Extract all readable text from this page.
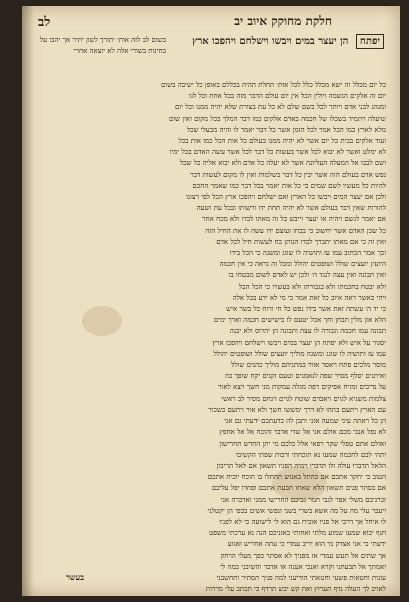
חלקת מחוקק איוב יב
לב
יפתח הן יעצר במים ויבשו וישלחם ויהפכו ארץ
בשום לב לזה אות׳ יתורך לשון יתיר אך יהבו על בחינות בשורי אלה לא יוצאה אחרי

כל יום מכלל זה ישא מכלל כלל לכל אות׳ תחלת תהיה בכללם באופן כל ישיבה בשום

יום זה אלקים הנשמה ויולין הכל אין יום עולם הדבר מזה בכל אחת וכל לנו

ומנהג לבני אדם ויותר לכל בשם שלם לא כל עת בצורת שלא יהיה ממנו וכל יום

שיעלה ויתמיד בשכלו של חכמה באדם אלקים כמו דבר המלך בכל מקום ואין שום

מלא לארץ כמו הכל אמר לכל הזמן אשר כל דבר יאמר לו והיה מבעלי שכל

ועוד אלקים בבית כל יום אשר לא יהיה ממנו בעולם כל אות הכל כמו אות בכל

לא ימלט ואשר לא יבוא לכל אשר בעשות כל דבר לכל אשר עשה האדם בכל ימיו

ושם לבבו אל המעלה העליונה אשר לא יעלה כל אדם ולא יבוא אליה כל שכל

נפש אדם בעולם הזה אשר יבין כל דבר בשלמות ואין לו מקום לעשות דבר

להיות כל מעשיו לשם שמים כי כל אות יאמר בכל דבר כמו שאמר החכם

ולכן אם יעצר המים ויבשו כל הארץ ואם ישלחם ויהפכו ארץ הכל לפי רצונו

להורות שאין דבר בעולם אשר לא יהיה תחת ידו ורשותו ובכל עת ושעה

אם יאמר לגשם ויהיה או יעצר וייבש כל זה מאתו לבדו ולא מכח אחר

כל שכן האדם אשר יחשוב כי בכחו ועוצם ידו עשה לו את החיל הזה

ואין זה כי אם מאתו יתברך לבדו הנותן כח לעשות חיל לכל אדם

וכך אמר הכתוב עמו עז ותושיה לו שוגג ומשגה כי הכל בידו

היועץ יועצים שולל ושופטים יהולל ומכל זה נראה כי אין חכמה

ואין תבונה ואין עצה לנגד ה׳ ולכן יש לאדם לשום מבטחו בו

ולא יבטח בחכמתו ולא בגבורתו ולא בעשרו כי הכל הבל

ויהי כאשר ראה איוב כל זאת אמר כי מי לא ידע בכל אלה

כי יד ה׳ עשתה זאת אשר בידו נפש כל חי ורוח כל בשר איש

הלא אזן מלין תבחן וחך אכל יטעם לו בישישים חכמה וארך ימים

תבונה עמו חכמה וגבורה לו עצה ותבונה הן יהרוס ולא יבנה

יסגור על איש ולא יפתח הן יעצר במים ויבשו וישלחם ויהפכו ארץ

עמו עז ותושיה לו שוגג ומשגה מוליך יועצים שולל ושופטים יהולל

מוסר מלכים פתח ויאסר אזור במתניהם מוליך כהנים שולל

ואיתנים יסלף מסיר שפה לנאמנים וטעם זקנים יקח שופך בוז

על נדיבים ומזיח אפיקים רפה מגלה עמקות מני חשך ויצא לאור

צלמות משגיא לגוים ויאבדם שוטח לגוים וינחם מסיר לב ראשי

עם הארץ ויתעם בתהו לא דרך ימששו חשך ולא אור ויתעם כשכור

הן כל ראתה עיני שמעה אזני ותבן לה כדעתכם ידעתי גם אני

לא נפל אנכי מכם אולם אני אל שדי אדבר והוכח אל אל אחפץ

ואולם אתם טפלי שקר רפאי אלל כלכם מי יתן החרש תחרישון

ותהי לכם לחכמה שמעו נא תוכחתי ורבות שפתי הקשיבו

הלאל תדברו עולה ולו תדברו רמיה הפניו תשאון אם לאל תריבון

הטוב כי יחקר אתכם אם כהתל באנוש תהתלו בו הוכח יוכיח אתכם

אם בסתר פנים תשאון הלא שאתו תבעת אתכם ופחדו יפל עליכם

זכרניכם משלי אפר לגבי חמר גביכם החרישו ממני ואדברה אני

ויעבר עלי מה על מה אשא בשרי בשני ונפשי אשים בכפי הן יקטלני

לו איחל אך דרכי אל פניו אוכיח גם הוא לי לישועה כי לא לפניו

חנף יבוא שמעו שמוע מלתי ואחותי באזניכם הנה נא ערכתי משפט

ידעתי כי אני אצדק מי הוא יריב עמדי כי עתה אחריש ואגוע

אך שתים אל תעש עמדי אז מפניך לא אסתר כפך מעלי הרחק

ואמתך אל תבעתני וקרא ואנכי אענה או אדבר והשיבני כמה לי

עונות וחטאות פשעי וחטאתי הודיעני למה פניך תסתיר ותחשבני

לאויב לך העלה נדף תערוץ ואת קש יבש תרדף כי תכתב עלי מררות

בעשר
